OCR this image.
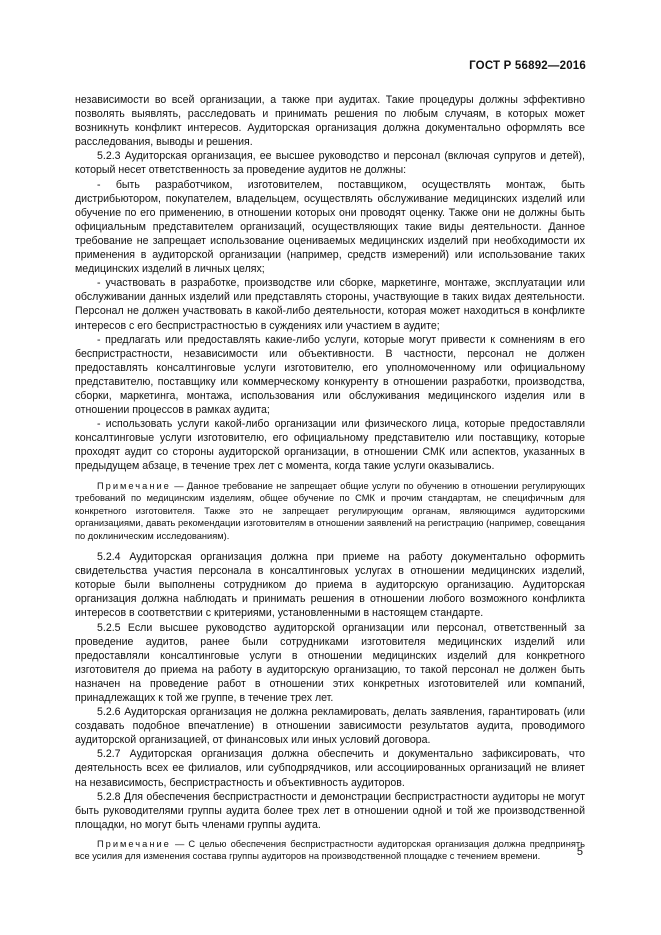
ГОСТ Р 56892—2016

независимости во всей организации, а также при аудитах. Такие процедуры должны эффективно позволять выявлять, расследовать и принимать решения по любым случаям, в которых может возникнуть конфликт интересов. Аудиторская организация должна документально оформлять все расследования, выводы и решения.

5.2.3 Аудиторская организация, ее высшее руководство и персонал (включая супругов и детей), который несет ответственность за проведение аудитов не должны:

- быть разработчиком, изготовителем, поставщиком, осуществлять монтаж, быть дистрибьютором, покупателем, владельцем, осуществлять обслуживание медицинских изделий или обучение по его применению, в отношении которых они проводят оценку. Также они не должны быть официальным представителем организаций, осуществляющих такие виды деятельности. Данное требование не запрещает использование оцениваемых медицинских изделий при необходимости их применения в аудиторской организации (например, средств измерений) или использование таких медицинских изделий в личных целях;

- участвовать в разработке, производстве или сборке, маркетинге, монтаже, эксплуатации или обслуживании данных изделий или представлять стороны, участвующие в таких видах деятельности. Персонал не должен участвовать в какой-либо деятельности, которая может находиться в конфликте интересов с его беспристрастностью в суждениях или участием в аудите;

- предлагать или предоставлять какие-либо услуги, которые могут привести к сомнениям в его беспристрастности, независимости или объективности. В частности, персонал не должен предоставлять консалтинговые услуги изготовителю, его уполномоченному или официальному представителю, поставщику или коммерческому конкуренту в отношении разработки, производства, сборки, маркетинга, монтажа, использования или обслуживания медицинского изделия или в отношении процессов в рамках аудита;

- использовать услуги какой-либо организации или физического лица, которые предоставляли консалтинговые услуги изготовителю, его официальному представителю или поставщику, которые проходят аудит со стороны аудиторской организации, в отношении СМК или аспектов, указанных в предыдущем абзаце, в течение трех лет с момента, когда такие услуги оказывались.

Примечание — Данное требование не запрещает общие услуги по обучению в отношении регулирующих требований по медицинским изделиям, общее обучение по СМК и прочим стандартам, не специфичным для конкретного изготовителя. Также это не запрещает регулирующим органам, являющимся аудиторскими организациями, давать рекомендации изготовителям в отношении заявлений на регистрацию (например, совещания по доклиническим исследованиям).

5.2.4 Аудиторская организация должна при приеме на работу документально оформить свидетельства участия персонала в консалтинговых услугах в отношении медицинских изделий, которые были выполнены сотрудником до приема в аудиторскую организацию. Аудиторская организация должна наблюдать и принимать решения в отношении любого возможного конфликта интересов в соответствии с критериями, установленными в настоящем стандарте.

5.2.5 Если высшее руководство аудиторской организации или персонал, ответственный за проведение аудитов, ранее были сотрудниками изготовителя медицинских изделий или предоставляли консалтинговые услуги в отношении медицинских изделий для конкретного изготовителя до приема на работу в аудиторскую организацию, то такой персонал не должен быть назначен на проведение работ в отношении этих конкретных изготовителей или компаний, принадлежащих к той же группе, в течение трех лет.

5.2.6 Аудиторская организация не должна рекламировать, делать заявления, гарантировать (или создавать подобное впечатление) в отношении зависимости результатов аудита, проводимого аудиторской организацией, от финансовых или иных условий договора.

5.2.7 Аудиторская организация должна обеспечить и документально зафиксировать, что деятельность всех ее филиалов, или субподрядчиков, или ассоциированных организаций не влияет на независимость, беспристрастность и объективность аудиторов.

5.2.8 Для обеспечения беспристрастности и демонстрации беспристрастности аудиторы не могут быть руководителями группы аудита более трех лет в отношении одной и той же производственной площадки, но могут быть членами группы аудита.

Примечание — С целью обеспечения беспристрастности аудиторская организация должна предпринять все усилия для изменения состава группы аудиторов на производственной площадке с течением времени.	5
